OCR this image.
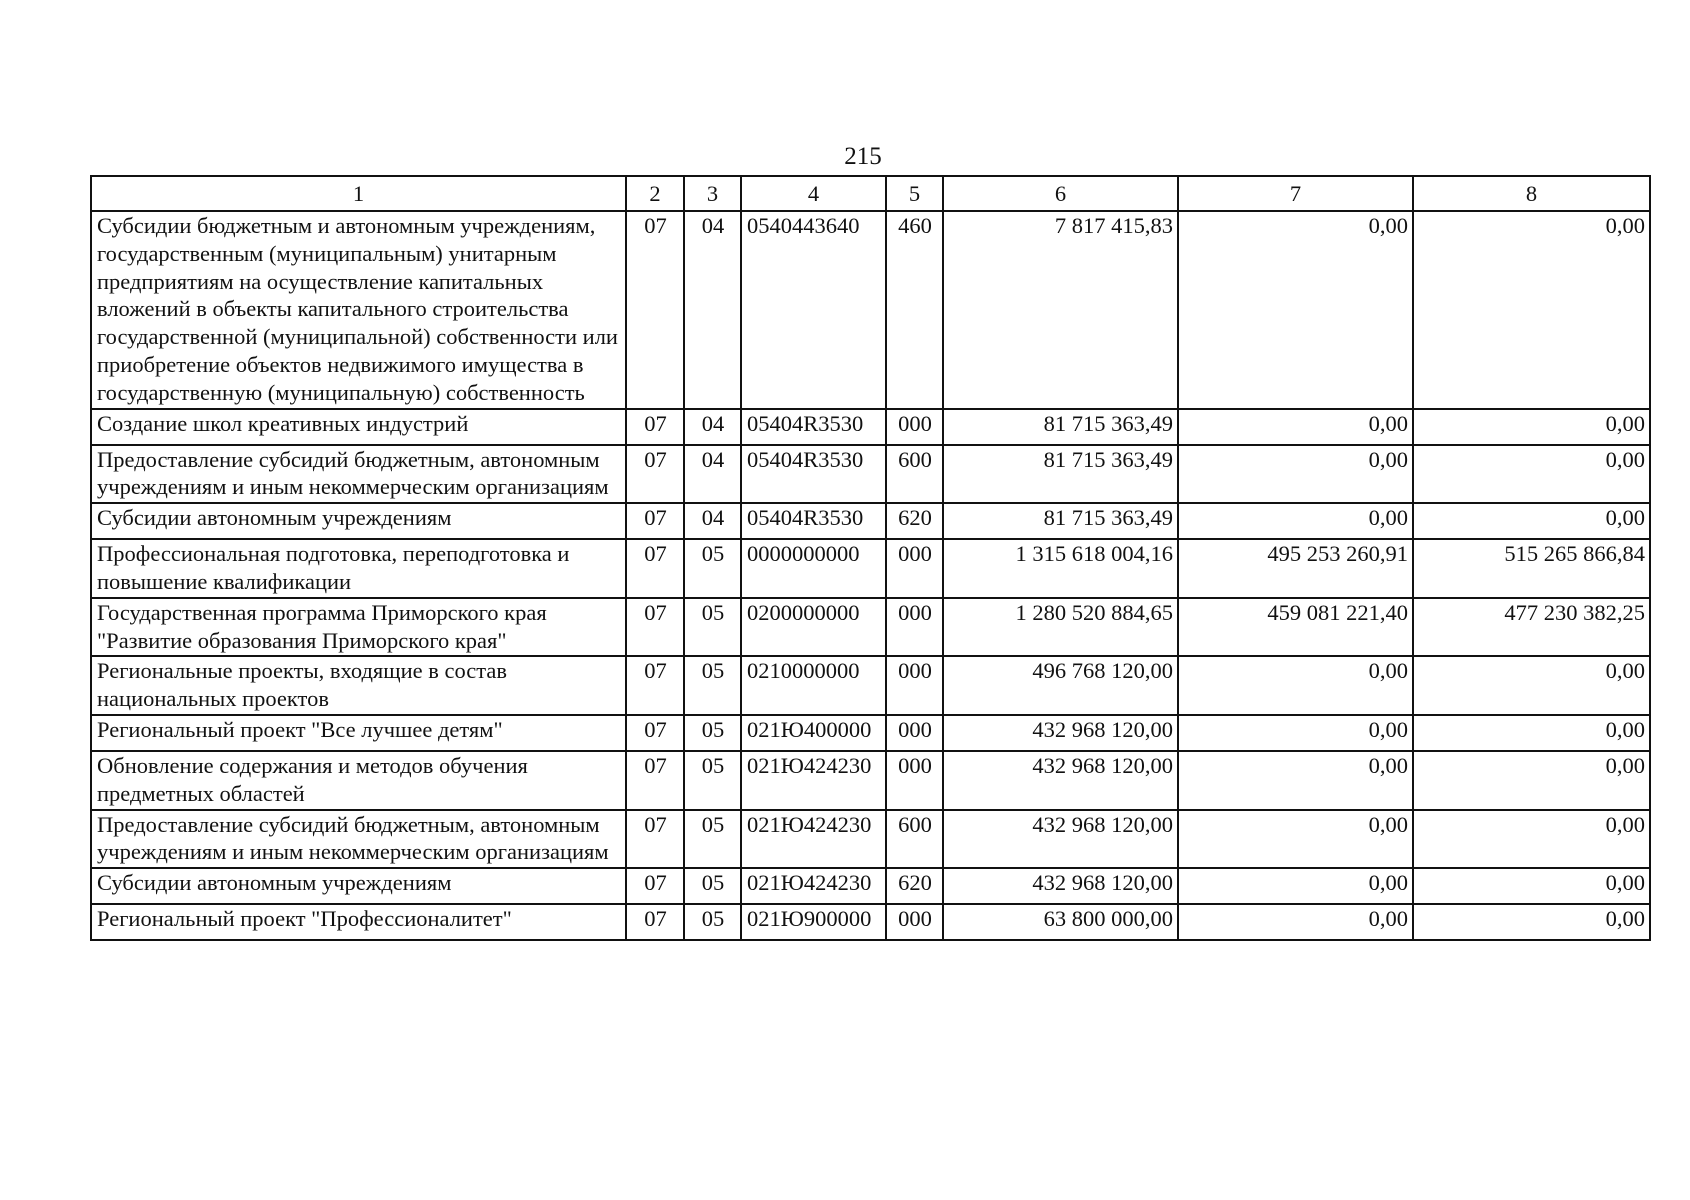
215
1	2	3	4	5	6	7	8
Субсидии бюджетным и автономным учреждениям, государственным (муниципальным) унитарным предприятиям на осуществление капитальных вложений в объекты капитального строительства государственной (муниципальной) собственности или приобретение объектов недвижимого имущества в государственную (муниципальную) собственность	07	04	0540443640	460	7 817 415,83	0,00	0,00
Создание школ креативных индустрий	07	04	05404R3530	000	81 715 363,49	0,00	0,00
Предоставление субсидий бюджетным, автономным учреждениям и иным некоммерческим организациям	07	04	05404R3530	600	81 715 363,49	0,00	0,00
Субсидии автономным учреждениям	07	04	05404R3530	620	81 715 363,49	0,00	0,00
Профессиональная подготовка, переподготовка и повышение квалификации	07	05	0000000000	000	1 315 618 004,16	495 253 260,91	515 265 866,84
Государственная программа Приморского края "Развитие образования Приморского края"	07	05	0200000000	000	1 280 520 884,65	459 081 221,40	477 230 382,25
Региональные проекты, входящие в состав национальных проектов	07	05	0210000000	000	496 768 120,00	0,00	0,00
Региональный проект "Все лучшее детям"	07	05	021Ю400000	000	432 968 120,00	0,00	0,00
Обновление содержания и методов обучения предметных областей	07	05	021Ю424230	000	432 968 120,00	0,00	0,00
Предоставление субсидий бюджетным, автономным учреждениям и иным некоммерческим организациям	07	05	021Ю424230	600	432 968 120,00	0,00	0,00
Субсидии автономным учреждениям	07	05	021Ю424230	620	432 968 120,00	0,00	0,00
Региональный проект "Профессионалитет"	07	05	021Ю900000	000	63 800 000,00	0,00	0,00
